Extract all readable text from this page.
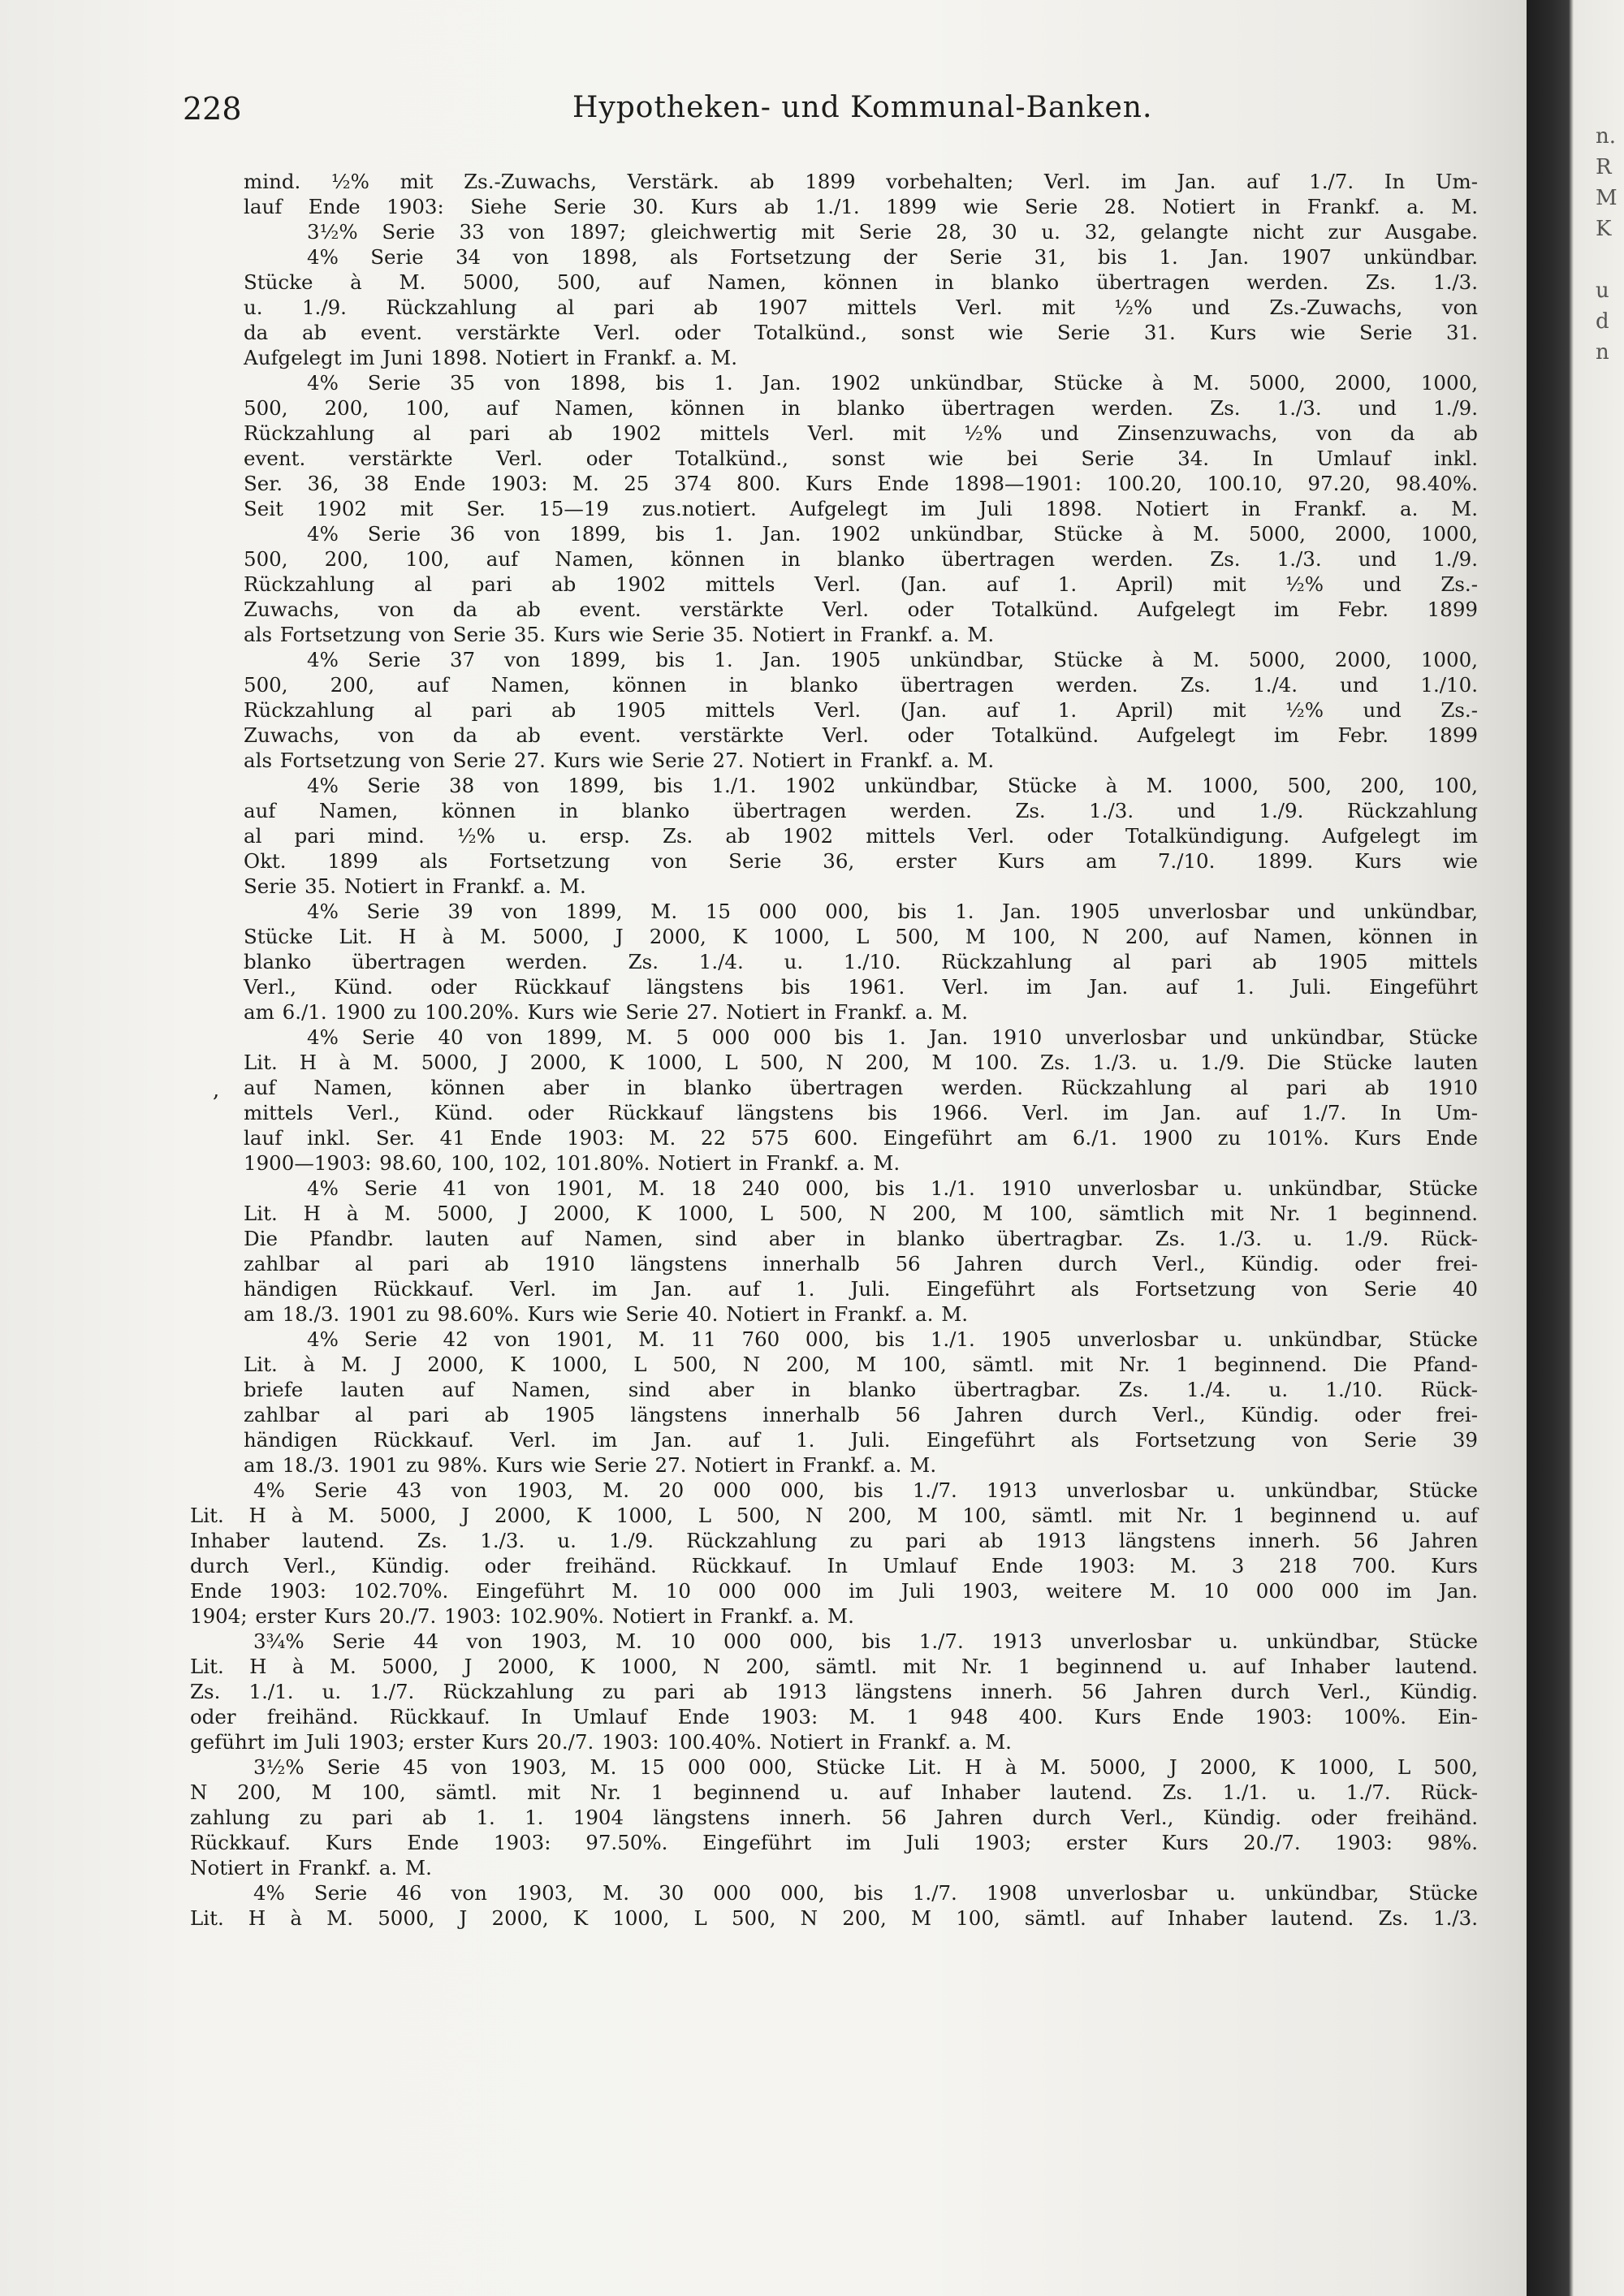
228	Hypotheken- und Kommunal-Banken.
,
mind. ½% mit Zs.-Zuwachs, Verstärk. ab 1899 vorbehalten; Verl. im Jan. auf 1./7. In Um-
lauf Ende 1903: Siehe Serie 30. Kurs ab 1./1. 1899 wie Serie 28. Notiert in Frankf. a. M.
3½% Serie 33 von 1897; gleichwertig mit Serie 28, 30 u. 32, gelangte nicht zur Ausgabe.
4% Serie 34 von 1898, als Fortsetzung der Serie 31, bis 1. Jan. 1907 unkündbar.
Stücke à M. 5000, 500, auf Namen, können in blanko übertragen werden. Zs. 1./3.
u. 1./9. Rückzahlung al pari ab 1907 mittels Verl. mit ½% und Zs.-Zuwachs, von
da ab event. verstärkte Verl. oder Totalkünd., sonst wie Serie 31. Kurs wie Serie 31.
Aufgelegt im Juni 1898. Notiert in Frankf. a. M.
4% Serie 35 von 1898, bis 1. Jan. 1902 unkündbar, Stücke à M. 5000, 2000, 1000,
500, 200, 100, auf Namen, können in blanko übertragen werden. Zs. 1./3. und 1./9.
Rückzahlung al pari ab 1902 mittels Verl. mit ½% und Zinsenzuwachs, von da ab
event. verstärkte Verl. oder Totalkünd., sonst wie bei Serie 34. In Umlauf inkl.
Ser. 36, 38 Ende 1903: M. 25 374 800. Kurs Ende 1898—1901: 100.20, 100.10, 97.20, 98.40%.
Seit 1902 mit Ser. 15—19 zus.notiert. Aufgelegt im Juli 1898. Notiert in Frankf. a. M.
4% Serie 36 von 1899, bis 1. Jan. 1902 unkündbar, Stücke à M. 5000, 2000, 1000,
500, 200, 100, auf Namen, können in blanko übertragen werden. Zs. 1./3. und 1./9.
Rückzahlung al pari ab 1902 mittels Verl. (Jan. auf 1. April) mit ½% und Zs.-
Zuwachs, von da ab event. verstärkte Verl. oder Totalkünd. Aufgelegt im Febr. 1899
als Fortsetzung von Serie 35. Kurs wie Serie 35. Notiert in Frankf. a. M.
4% Serie 37 von 1899, bis 1. Jan. 1905 unkündbar, Stücke à M. 5000, 2000, 1000,
500, 200, auf Namen, können in blanko übertragen werden. Zs. 1./4. und 1./10.
Rückzahlung al pari ab 1905 mittels Verl. (Jan. auf 1. April) mit ½% und Zs.-
Zuwachs, von da ab event. verstärkte Verl. oder Totalkünd. Aufgelegt im Febr. 1899
als Fortsetzung von Serie 27. Kurs wie Serie 27. Notiert in Frankf. a. M.
4% Serie 38 von 1899, bis 1./1. 1902 unkündbar, Stücke à M. 1000, 500, 200, 100,
auf Namen, können in blanko übertragen werden. Zs. 1./3. und 1./9. Rückzahlung
al pari mind. ½% u. ersp. Zs. ab 1902 mittels Verl. oder Totalkündigung. Aufgelegt im
Okt. 1899 als Fortsetzung von Serie 36, erster Kurs am 7./10. 1899. Kurs wie
Serie 35. Notiert in Frankf. a. M.
4% Serie 39 von 1899, M. 15 000 000, bis 1. Jan. 1905 unverlosbar und unkündbar,
Stücke Lit. H à M. 5000, J 2000, K 1000, L 500, M 100, N 200, auf Namen, können in
blanko übertragen werden. Zs. 1./4. u. 1./10. Rückzahlung al pari ab 1905 mittels
Verl., Künd. oder Rückkauf längstens bis 1961. Verl. im Jan. auf 1. Juli. Eingeführt
am 6./1. 1900 zu 100.20%. Kurs wie Serie 27. Notiert in Frankf. a. M.
4% Serie 40 von 1899, M. 5 000 000 bis 1. Jan. 1910 unverlosbar und unkündbar, Stücke
Lit. H à M. 5000, J 2000, K 1000, L 500, N 200, M 100. Zs. 1./3. u. 1./9. Die Stücke lauten
auf Namen, können aber in blanko übertragen werden. Rückzahlung al pari ab 1910
mittels Verl., Künd. oder Rückkauf längstens bis 1966. Verl. im Jan. auf 1./7. In Um-
lauf inkl. Ser. 41 Ende 1903: M. 22 575 600. Eingeführt am 6./1. 1900 zu 101%. Kurs Ende
1900—1903: 98.60, 100, 102, 101.80%. Notiert in Frankf. a. M.
4% Serie 41 von 1901, M. 18 240 000, bis 1./1. 1910 unverlosbar u. unkündbar, Stücke
Lit. H à M. 5000, J 2000, K 1000, L 500, N 200, M 100, sämtlich mit Nr. 1 beginnend.
Die Pfandbr. lauten auf Namen, sind aber in blanko übertragbar. Zs. 1./3. u. 1./9. Rück-
zahlbar al pari ab 1910 längstens innerhalb 56 Jahren durch Verl., Kündig. oder frei-
händigen Rückkauf. Verl. im Jan. auf 1. Juli. Eingeführt als Fortsetzung von Serie 40
am 18./3. 1901 zu 98.60%. Kurs wie Serie 40. Notiert in Frankf. a. M.
4% Serie 42 von 1901, M. 11 760 000, bis 1./1. 1905 unverlosbar u. unkündbar, Stücke
Lit. à M. J 2000, K 1000, L 500, N 200, M 100, sämtl. mit Nr. 1 beginnend. Die Pfand-
briefe lauten auf Namen, sind aber in blanko übertragbar. Zs. 1./4. u. 1./10. Rück-
zahlbar al pari ab 1905 längstens innerhalb 56 Jahren durch Verl., Kündig. oder frei-
händigen Rückkauf. Verl. im Jan. auf 1. Juli. Eingeführt als Fortsetzung von Serie 39
am 18./3. 1901 zu 98%. Kurs wie Serie 27. Notiert in Frankf. a. M.
4% Serie 43 von 1903, M. 20 000 000, bis 1./7. 1913 unverlosbar u. unkündbar, Stücke
Lit. H à M. 5000, J 2000, K 1000, L 500, N 200, M 100, sämtl. mit Nr. 1 beginnend u. auf
Inhaber lautend. Zs. 1./3. u. 1./9. Rückzahlung zu pari ab 1913 längstens innerh. 56 Jahren
durch Verl., Kündig. oder freihänd. Rückkauf. In Umlauf Ende 1903: M. 3 218 700. Kurs
Ende 1903: 102.70%. Eingeführt M. 10 000 000 im Juli 1903, weitere M. 10 000 000 im Jan.
1904; erster Kurs 20./7. 1903: 102.90%. Notiert in Frankf. a. M.
3¾% Serie 44 von 1903, M. 10 000 000, bis 1./7. 1913 unverlosbar u. unkündbar, Stücke
Lit. H à M. 5000, J 2000, K 1000, N 200, sämtl. mit Nr. 1 beginnend u. auf Inhaber lautend.
Zs. 1./1. u. 1./7. Rückzahlung zu pari ab 1913 längstens innerh. 56 Jahren durch Verl., Kündig.
oder freihänd. Rückkauf. In Umlauf Ende 1903: M. 1 948 400. Kurs Ende 1903: 100%. Ein-
geführt im Juli 1903; erster Kurs 20./7. 1903: 100.40%. Notiert in Frankf. a. M.
3½% Serie 45 von 1903, M. 15 000 000, Stücke Lit. H à M. 5000, J 2000, K 1000, L 500,
N 200, M 100, sämtl. mit Nr. 1 beginnend u. auf Inhaber lautend. Zs. 1./1. u. 1./7. Rück-
zahlung zu pari ab 1. 1. 1904 längstens innerh. 56 Jahren durch Verl., Kündig. oder freihänd.
Rückkauf. Kurs Ende 1903: 97.50%. Eingeführt im Juli 1903; erster Kurs 20./7. 1903: 98%.
Notiert in Frankf. a. M.
4% Serie 46 von 1903, M. 30 000 000, bis 1./7. 1908 unverlosbar u. unkündbar, Stücke
Lit. H à M. 5000, J 2000, K 1000, L 500, N 200, M 100, sämtl. auf Inhaber lautend. Zs. 1./3.
n.
R
M
K
u
d
n
